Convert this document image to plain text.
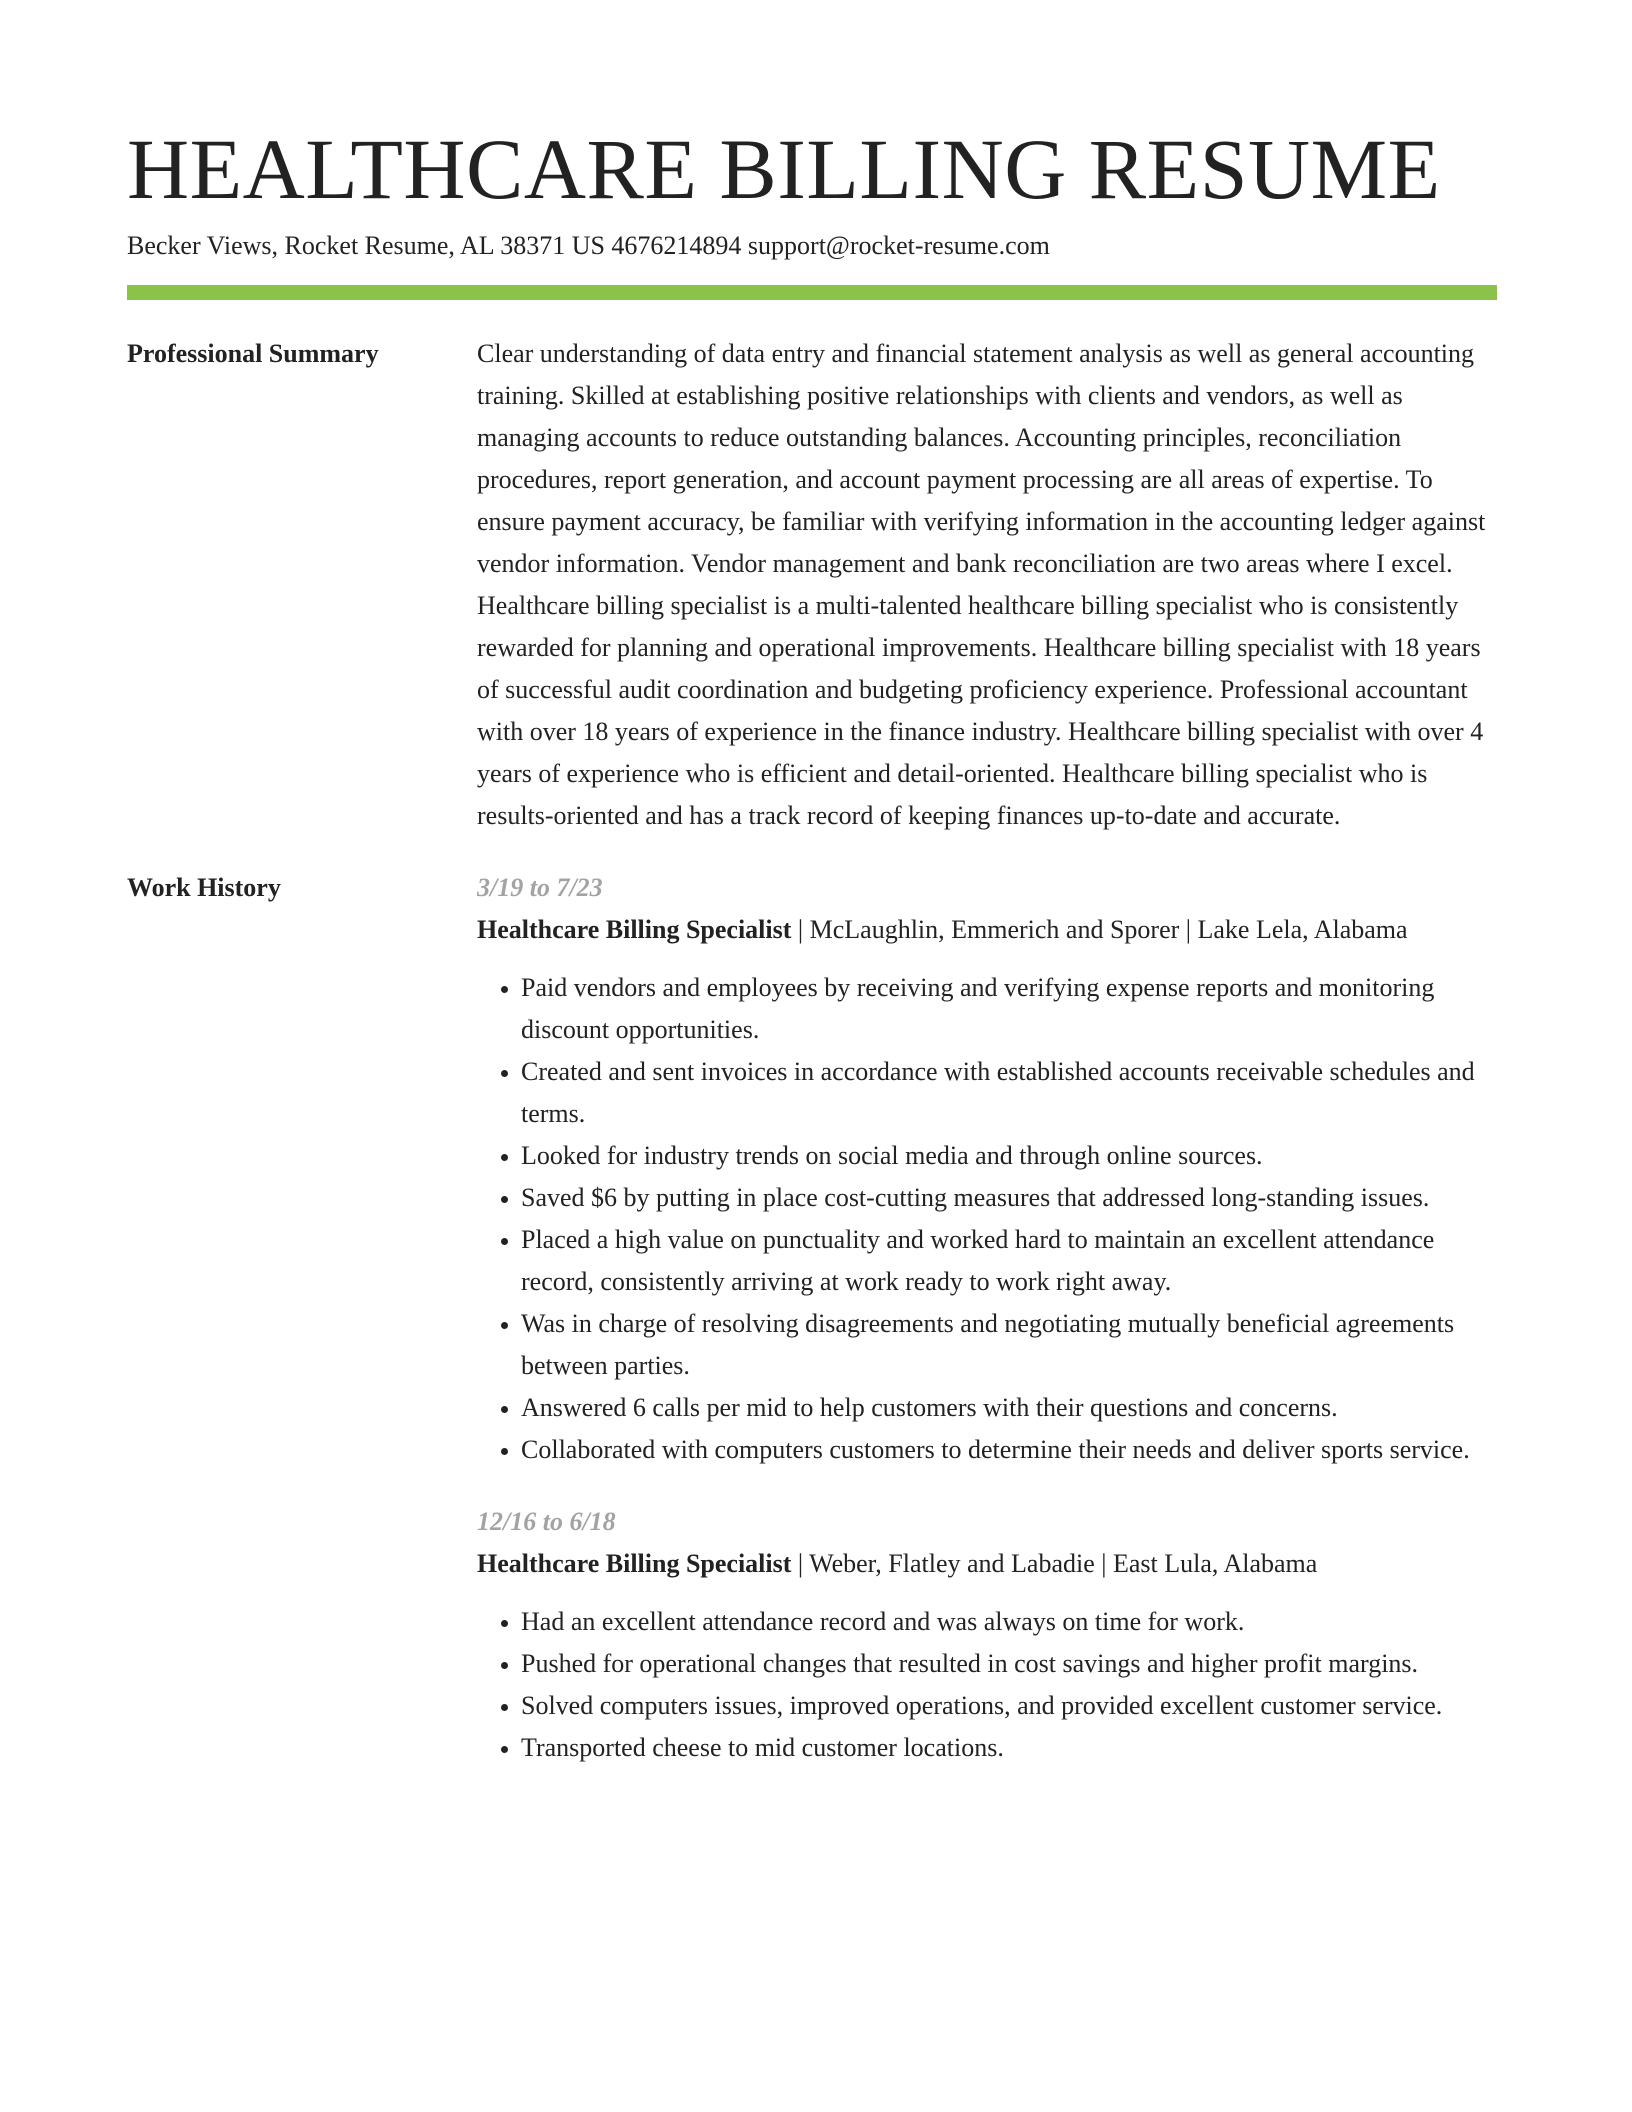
HEALTHCARE BILLING RESUME
Becker Views, Rocket Resume, AL 38371 US 4676214894 support@rocket-resume.com
Professional Summary	Clear understanding of data entry and financial statement analysis as well as general accounting training. Skilled at establishing positive relationships with clients and vendors, as well as managing accounts to reduce outstanding balances. Accounting principles, reconciliation procedures, report generation, and account payment processing are all areas of expertise. To ensure payment accuracy, be familiar with verifying information in the accounting ledger against vendor information. Vendor management and bank reconciliation are two areas where I excel. Healthcare billing specialist is a multi-talented healthcare billing specialist who is consistently rewarded for planning and operational improvements. Healthcare billing specialist with 18 years of successful audit coordination and budgeting proficiency experience. Professional accountant with over 18 years of experience in the finance industry. Healthcare billing specialist with over 4 years of experience who is efficient and detail-oriented. Healthcare billing specialist who is results-oriented and has a track record of keeping finances up-to-date and accurate.
Work History	3/19 to 7/23
Healthcare Billing Specialist | McLaughlin, Emmerich and Sporer | Lake Lela, Alabama
• Paid vendors and employees by receiving and verifying expense reports and monitoring discount opportunities.
• Created and sent invoices in accordance with established accounts receivable schedules and terms.
• Looked for industry trends on social media and through online sources.
• Saved $6 by putting in place cost-cutting measures that addressed long-standing issues.
• Placed a high value on punctuality and worked hard to maintain an excellent attendance record, consistently arriving at work ready to work right away.
• Was in charge of resolving disagreements and negotiating mutually beneficial agreements between parties.
• Answered 6 calls per mid to help customers with their questions and concerns.
• Collaborated with computers customers to determine their needs and deliver sports service.
12/16 to 6/18
Healthcare Billing Specialist | Weber, Flatley and Labadie | East Lula, Alabama
• Had an excellent attendance record and was always on time for work.
• Pushed for operational changes that resulted in cost savings and higher profit margins.
• Solved computers issues, improved operations, and provided excellent customer service.
• Transported cheese to mid customer locations.
